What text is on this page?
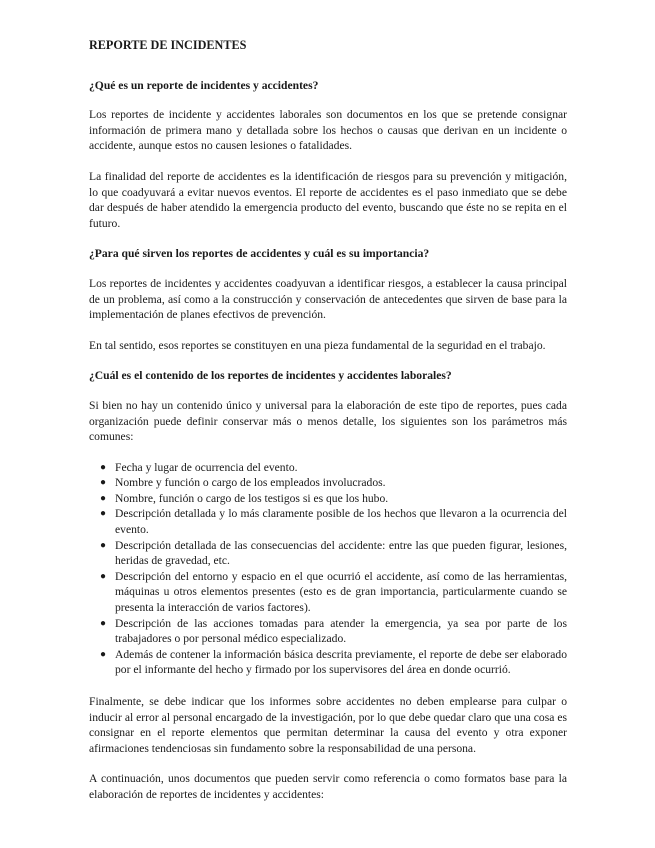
REPORTE DE INCIDENTES
¿Qué es un reporte de incidentes y accidentes?

Los reportes de incidente y accidentes laborales son documentos en los que se pretende consignar información de primera mano y detallada sobre los hechos o causas que derivan en un incidente o accidente, aunque estos no causen lesiones o fatalidades.

La finalidad del reporte de accidentes es la identificación de riesgos para su prevención y mitigación, lo que coadyuvará a evitar nuevos eventos. El reporte de accidentes es el paso inmediato que se debe dar después de haber atendido la emergencia producto del evento, buscando que éste no se repita en el futuro.

¿Para qué sirven los reportes de accidentes y cuál es su importancia?

Los reportes de incidentes y accidentes coadyuvan a identificar riesgos, a establecer la causa principal de un problema, así como a la construcción y conservación de antecedentes que sirven de base para la implementación de planes efectivos de prevención.

En tal sentido, esos reportes se constituyen en una pieza fundamental de la seguridad en el trabajo.

¿Cuál es el contenido de los reportes de incidentes y accidentes laborales?

Si bien no hay un contenido único y universal para la elaboración de este tipo de reportes, pues cada organización puede definir conservar más o menos detalle, los siguientes son los parámetros más comunes:

● Fecha y lugar de ocurrencia del evento.
● Nombre y función o cargo de los empleados involucrados.
● Nombre, función o cargo de los testigos si es que los hubo.
● Descripción detallada y lo más claramente posible de los hechos que llevaron a la ocurrencia del evento.
● Descripción detallada de las consecuencias del accidente: entre las que pueden figurar, lesiones, heridas de gravedad, etc.
● Descripción del entorno y espacio en el que ocurrió el accidente, así como de las herramientas, máquinas u otros elementos presentes (esto es de gran importancia, particularmente cuando se presenta la interacción de varios factores).
● Descripción de las acciones tomadas para atender la emergencia, ya sea por parte de los trabajadores o por personal médico especializado.
● Además de contener la información básica descrita previamente, el reporte de debe ser elaborado por el informante del hecho y firmado por los supervisores del área en donde ocurrió.

Finalmente, se debe indicar que los informes sobre accidentes no deben emplearse para culpar o inducir al error al personal encargado de la investigación, por lo que debe quedar claro que una cosa es consignar en el reporte elementos que permitan determinar la causa del evento y otra exponer afirmaciones tendenciosas sin fundamento sobre la responsabilidad de una persona.

A continuación, unos documentos que pueden servir como referencia o como formatos base para la elaboración de reportes de incidentes y accidentes:
